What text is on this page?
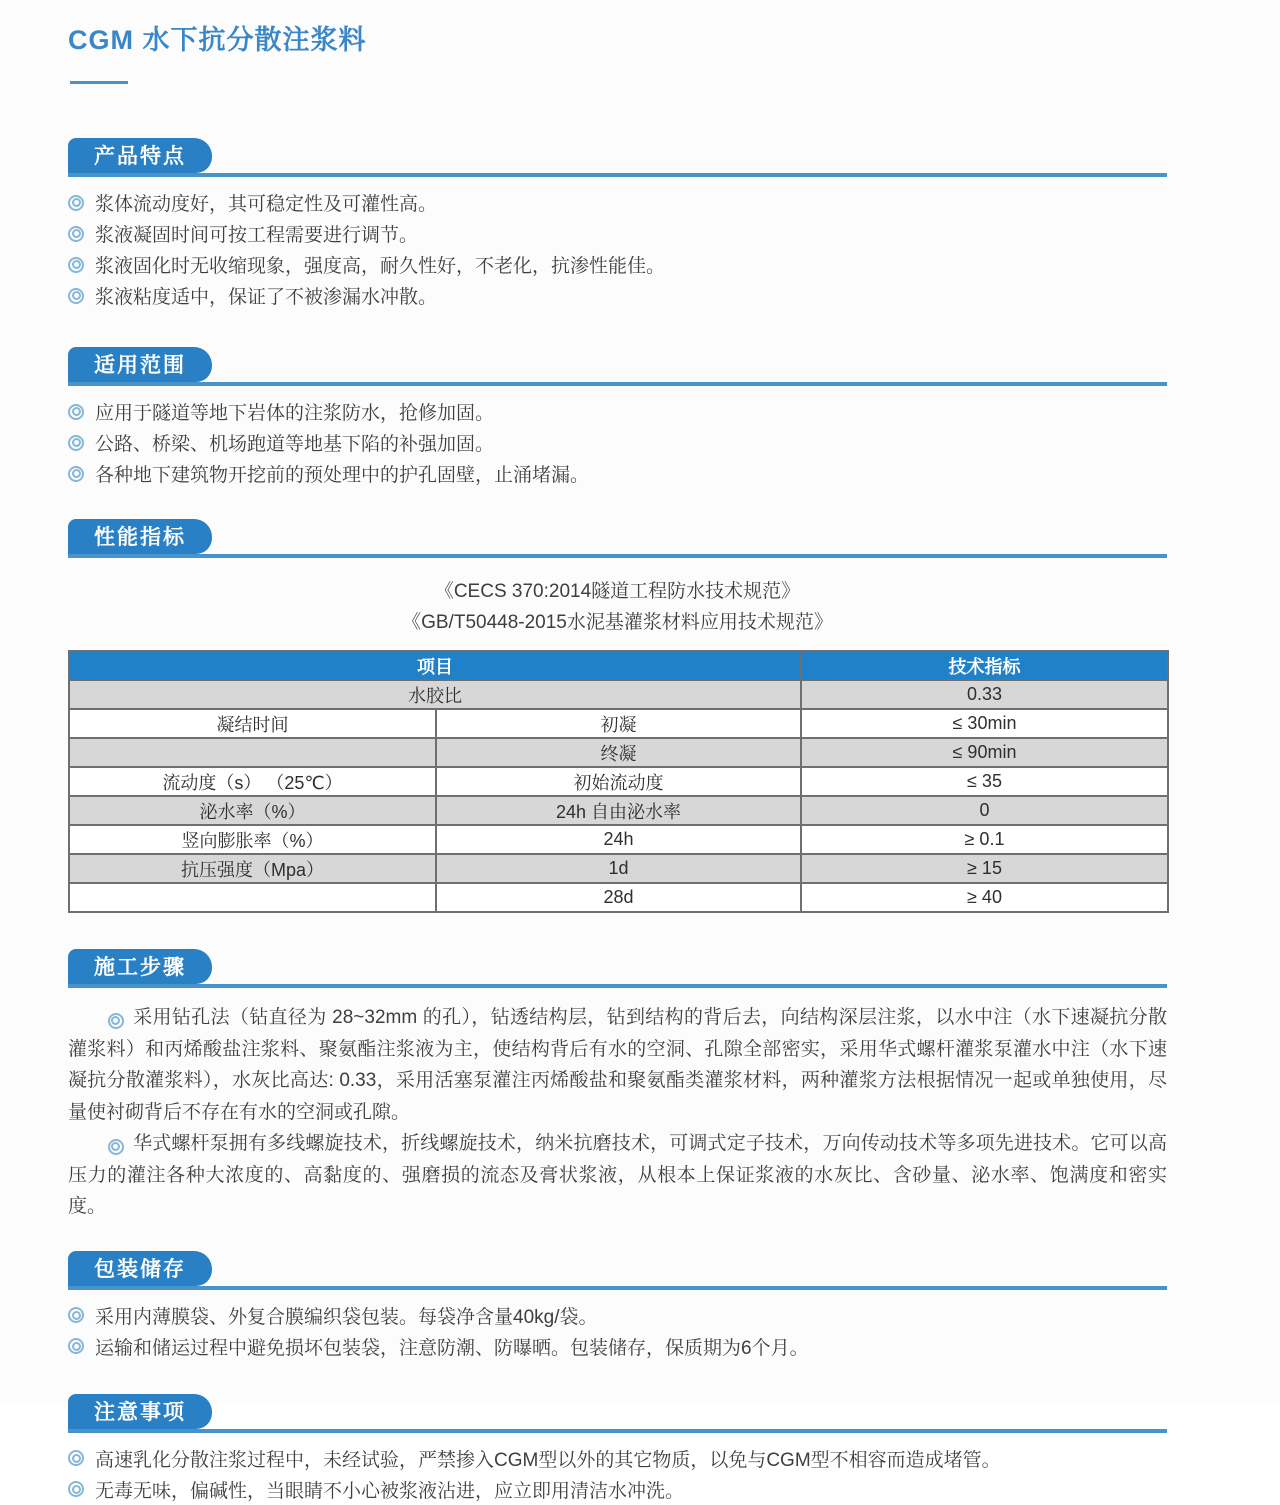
CGM 水下抗分散注浆料
产品特点
浆体流动度好，其可稳定性及可灌性高。
浆液凝固时间可按工程需要进行调节。
浆液固化时无收缩现象，强度高，耐久性好，不老化，抗渗性能佳。
浆液粘度适中，保证了不被渗漏水冲散。
适用范围
应用于隧道等地下岩体的注浆防水，抢修加固。
公路、桥梁、机场跑道等地基下陷的补强加固。
各种地下建筑物开挖前的预处理中的护孔固壁，止涌堵漏。
性能指标
《CECS 370:2014隧道工程防水技术规范》
《GB/T50448-2015水泥基灌浆材料应用技术规范》
项目		技术指标
水胶比		0.33
凝结时间	初凝	≤ 30min
	终凝	≤ 90min
流动度（s） （25℃）	初始流动度	≤ 35
泌水率（%）	24h 自由泌水率	0
竖向膨胀率（%）	24h	≥ 0.1
抗压强度（Mpa）	1d	≥ 15
	28d	≥ 40
施工步骤

采用钻孔法（钻直径为 28~32mm 的孔），钻透结构层，钻到结构的背后去，向结构深层注浆，以水中注（水下速凝抗分散灌浆料）和丙烯酸盐注浆料、聚氨酯注浆液为主，使结构背后有水的空洞、孔隙全部密实，采用华式螺杆灌浆泵灌水中注（水下速凝抗分散灌浆料），水灰比高达: 0.33，采用活塞泵灌注丙烯酸盐和聚氨酯类灌浆材料，两种灌浆方法根据情况一起或单独使用，尽量使衬砌背后不存在有水的空洞或孔隙。

华式螺杆泵拥有多线螺旋技术，折线螺旋技术，纳米抗磨技术，可调式定子技术，万向传动技术等多项先进技术。它可以高压力的灌注各种大浓度的、高黏度的、强磨损的流态及膏状浆液，从根本上保证浆液的水灰比、含砂量、泌水率、饱满度和密实度。

包装储存
采用内薄膜袋、外复合膜编织袋包装。每袋净含量40kg/袋。
运输和储运过程中避免损坏包装袋，注意防潮、防曝晒。包装储存，保质期为6个月。
注意事项
高速乳化分散注浆过程中，未经试验，严禁掺入CGM型以外的其它物质，以免与CGM型不相容而造成堵管。
无毒无味，偏碱性，当眼睛不小心被浆液沾进，应立即用清洁水冲洗。
